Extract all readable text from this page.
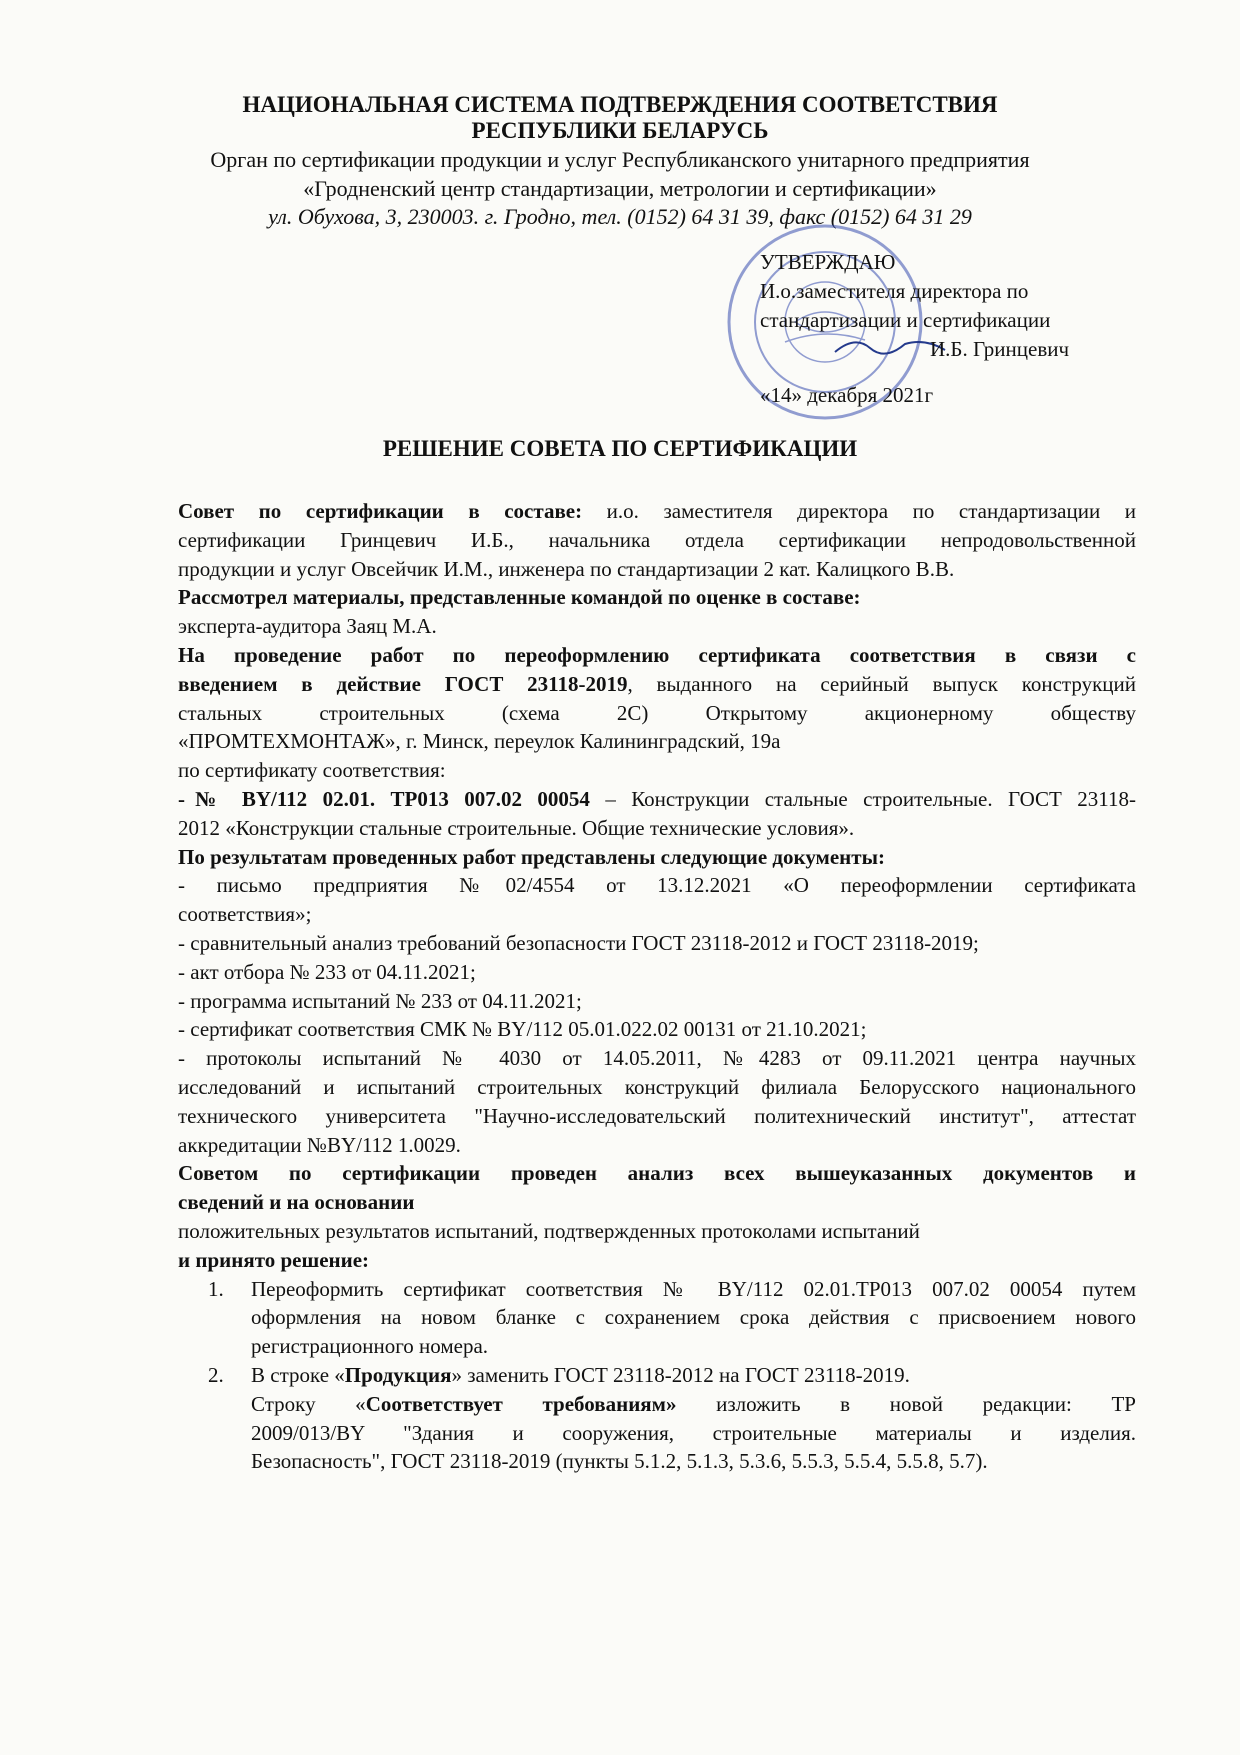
НАЦИОНАЛЬНАЯ СИСТЕМА ПОДТВЕРЖДЕНИЯ СООТВЕТСТВИЯ
РЕСПУБЛИКИ БЕЛАРУСЬ
Орган по сертификации продукции и услуг Республиканского унитарного предприятия
«Гродненский центр стандартизации, метрологии и сертификации»
ул. Обухова, 3, 230003. г. Гродно, тел. (0152) 64 31 39, факс (0152) 64 31 29
УТВЕРЖДАЮ
И.о.заместителя директора по
стандартизации и сертификации
И.Б. Гринцевич
«14» декабря 2021г
РЕШЕНИЕ СОВЕТА ПО СЕРТИФИКАЦИИ

Совет по сертификации в составе: и.о. заместителя директора по стандартизации и

сертификации Гринцевич И.Б., начальника отдела сертификации непродовольственной

продукции и услуг Овсейчик И.М., инженера по стандартизации 2 кат. Калицкого В.В.

Рассмотрел материалы, представленные командой по оценке в составе:

эксперта-аудитора Заяц М.А.

На проведение работ по переоформлению сертификата соответствия в связи с

введением в действие ГОСТ 23118-2019, выданного на серийный выпуск конструкций

стальных строительных (схема 2С) Открытому акционерному обществу

«ПРОМТЕХМОНТАЖ», г. Минск, переулок Калининградский, 19а

по сертификату соответствия:

-№ BY/112 02.01. ТР013 007.02 00054 – Конструкции стальные строительные. ГОСТ 23118-

2012 «Конструкции стальные строительные. Общие технические условия».

По результатам проведенных работ представлены следующие документы:

- письмо предприятия №02/4554 от 13.12.2021 «О переоформлении сертификата

соответствия»;

- сравнительный анализ требований безопасности ГОСТ 23118-2012 и ГОСТ 23118-2019;

- акт отбора № 233 от 04.11.2021;

- программа испытаний № 233 от 04.11.2021;

- сертификат соответствия СМК № BY/112 05.01.022.02 00131 от 21.10.2021;

- протоколы испытаний № 4030 от 14.05.2011, №4283 от 09.11.2021 центра научных

исследований и испытаний строительных конструкций филиала Белорусского национального

технического университета "Научно-исследовательский политехнический институт", аттестат

аккредитации №BY/112 1.0029.

Советом по сертификации проведен анализ всех вышеуказанных документов и

сведений и на основании

положительных результатов испытаний, подтвержденных протоколами испытаний

и принято решение:

1. Переоформить сертификат соответствия № BY/112 02.01.ТР013 007.02 00054 путем
оформления на новом бланке с сохранением срока действия с присвоением нового
регистрационного номера.
2. В строке «Продукция» заменить ГОСТ 23118-2012 на ГОСТ 23118-2019.

Строку «Соответствует требованиям» изложить в новой редакции: ТР

2009/013/BY "Здания и сооружения, строительные материалы и изделия.

Безопасность", ГОСТ 23118-2019 (пункты 5.1.2, 5.1.3, 5.3.6, 5.5.3, 5.5.4, 5.5.8, 5.7).
